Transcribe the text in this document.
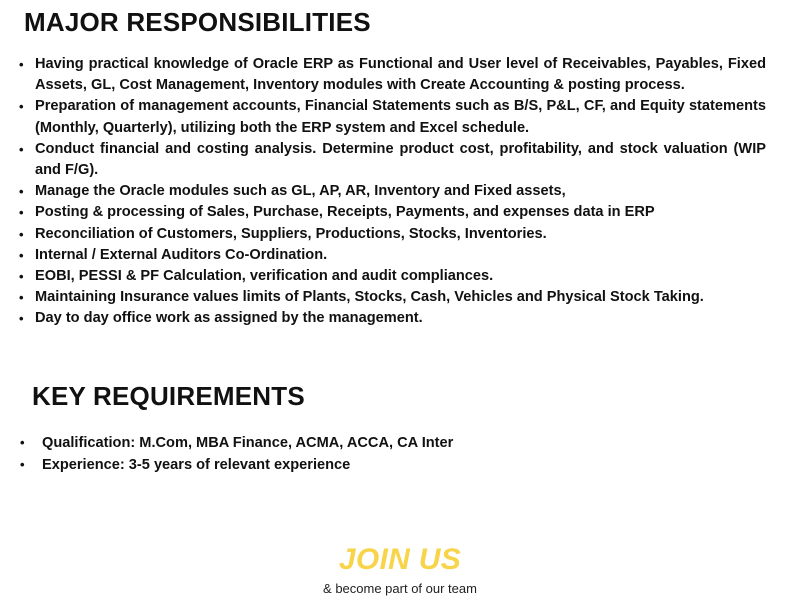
MAJOR RESPONSIBILITIES
• Having practical knowledge of Oracle ERP as Functional and User level of Receivables, Payables, Fixed Assets, GL, Cost Management, Inventory modules with Create Accounting & posting process.
• Preparation of management accounts, Financial Statements such as B/S, P&L, CF, and Equity statements (Monthly, Quarterly), utilizing both the ERP system and Excel schedule.
• Conduct financial and costing analysis. Determine product cost, profitability, and stock valuation (WIP and F/G).
• Manage the Oracle modules such as GL, AP, AR, Inventory and Fixed assets,
• Posting & processing of Sales, Purchase, Receipts, Payments, and expenses data in ERP
• Reconciliation of Customers, Suppliers, Productions, Stocks, Inventories.
• Internal / External Auditors Co-Ordination.
• EOBI, PESSI & PF Calculation, verification and audit compliances.
• Maintaining Insurance values limits of Plants, Stocks, Cash, Vehicles and Physical Stock Taking.
• Day to day office work as assigned by the management.
KEY REQUIREMENTS
• Qualification: M.Com, MBA Finance, ACMA, ACCA, CA Inter
• Experience: 3-5 years of relevant experience

JOIN US

& become part of our team
